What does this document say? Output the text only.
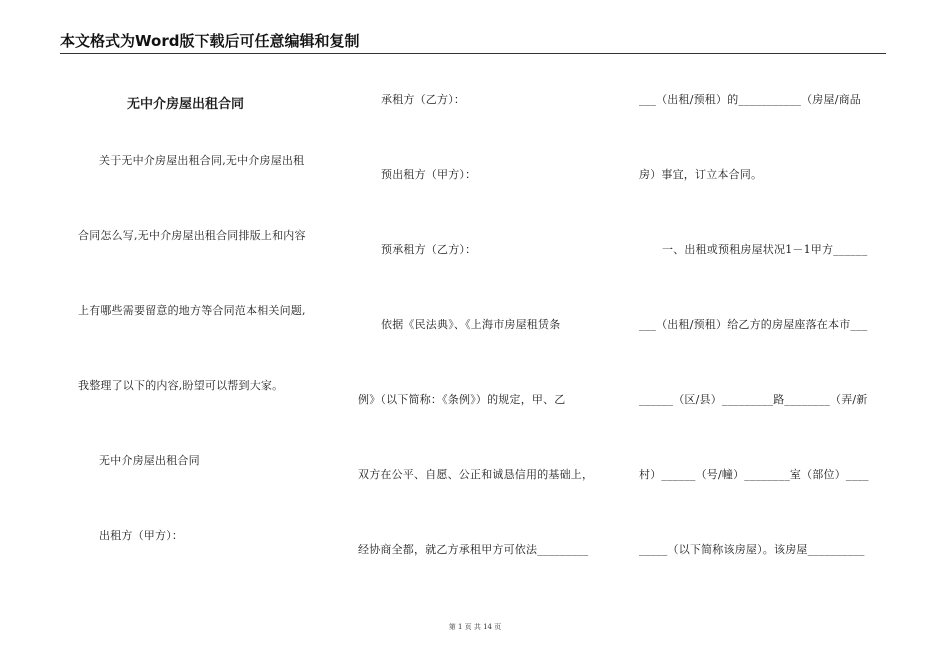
本文格式为Word版下载后可任意编辑和复制
无中介房屋出租合同
关于无中介房屋出租合同,无中介房屋出租
合同怎么写,无中介房屋出租合同排版上和内容
上有哪些需要留意的地方等合同范本相关问题,
我整理了以下的内容,盼望可以帮到大家。
无中介房屋出租合同
出租方（甲方）：
承租方（乙方）：
预出租方（甲方）：
预承租方（乙方）：
依据《民法典》、《上海市房屋租赁条
例》（以下简称：《条例》）的规定，甲、乙
双方在公平、自愿、公正和诚恳信用的基础上，
经协商全都，就乙方承租甲方可依法_________
___（出租/预租）的___________（房屋/商品
房）事宜，订立本合同。
一、出租或预租房屋状况1－1甲方______
___（出租/预租）给乙方的房屋座落在本市___
______（区/县）_________路________（弄/新
村）______（号/幢）________室（部位）____
_____（以下简称该房屋）。该房屋__________
第 1 页 共 14 页
